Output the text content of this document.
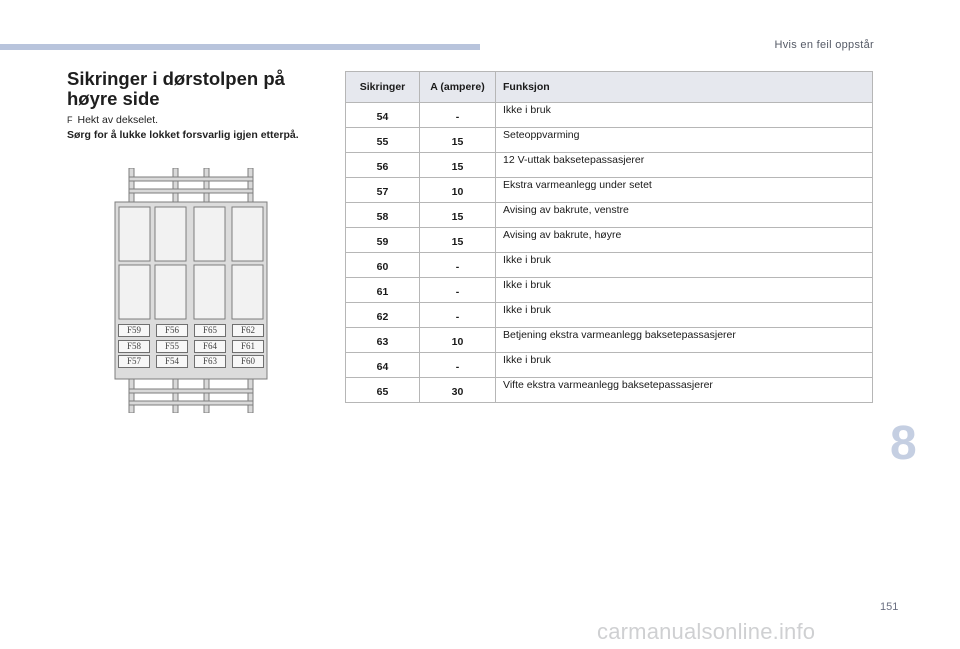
Hvis en feil oppstår
Sikringer i dørstolpen på høyre side
F Hekt av dekselet.
Sørg for å lukke lokket forsvarlig igjen etterpå.
F59	F56	F65	F62
F58	F55	F64	F61
F57	F54	F63	F60
Sikringer	A (ampere)	Funksjon
54	-	Ikke i bruk
55	15	Seteoppvarming
56	15	12 V-uttak baksetepassasjerer
57	10	Ekstra varmeanlegg under setet
58	15	Avising av bakrute, venstre
59	15	Avising av bakrute, høyre
60	-	Ikke i bruk
61	-	Ikke i bruk
62	-	Ikke i bruk
63	10	Betjening ekstra varmeanlegg baksetepassasjerer
64	-	Ikke i bruk
65	30	Vifte ekstra varmeanlegg baksetepassasjerer
8
151
carmanualsonline.info
